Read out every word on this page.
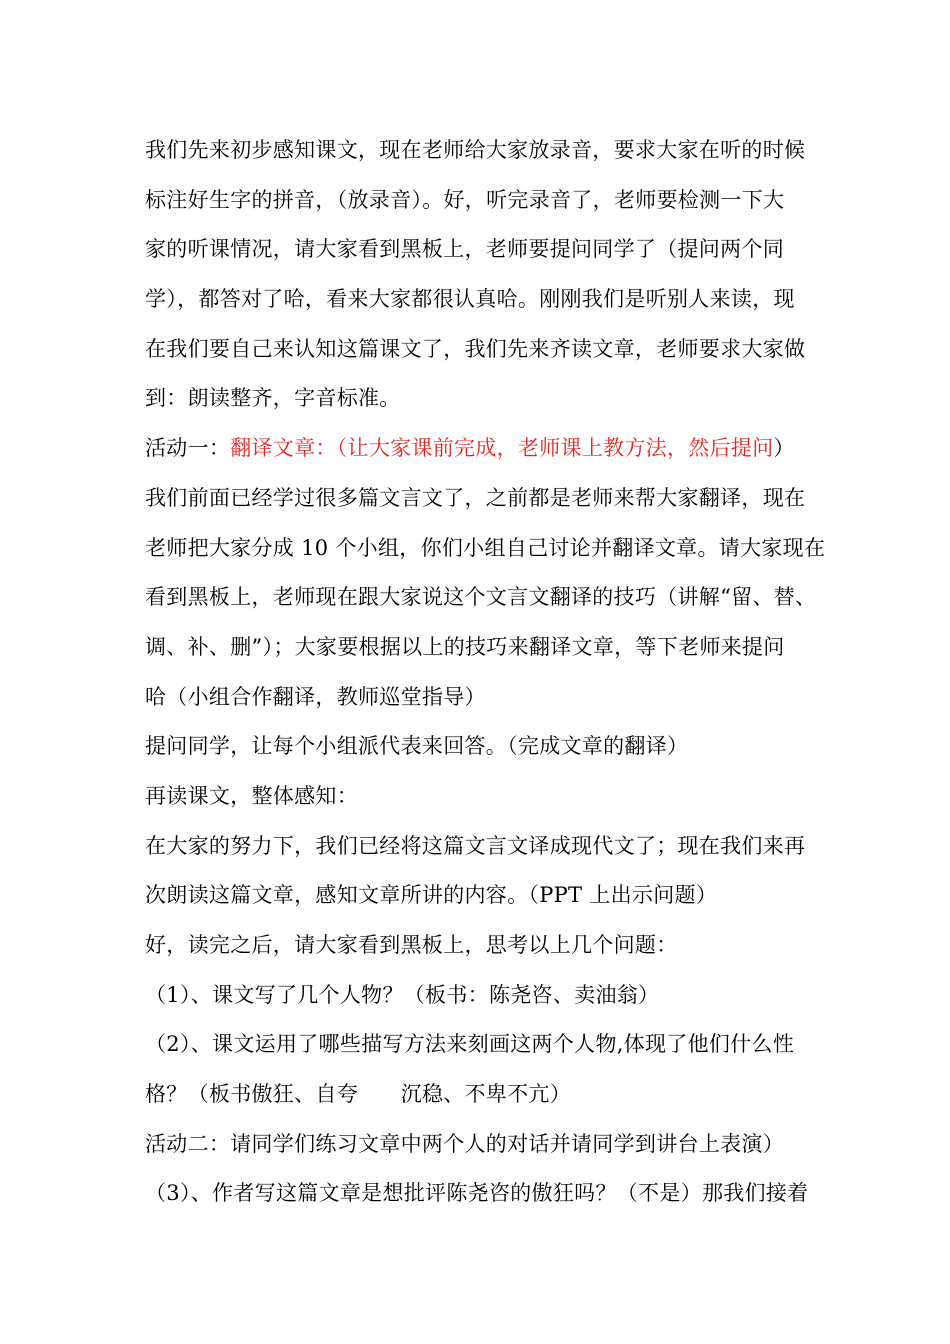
我们先来初步感知课文，现在老师给大家放录音，要求大家在听的时候
标注好生字的拼音，（放录音）。好，听完录音了，老师要检测一下大
家的听课情况，请大家看到黑板上，老师要提问同学了（提问两个同
学），都答对了哈，看来大家都很认真哈。刚刚我们是听别人来读，现
在我们要自己来认知这篇课文了，我们先来齐读文章，老师要求大家做
到：朗读整齐，字音标准。
活动一：翻译文章：（让大家课前完成，老师课上教方法，然后提问）
我们前面已经学过很多篇文言文了，之前都是老师来帮大家翻译，现在
老师把大家分成 10 个小组，你们小组自己讨论并翻译文章。请大家现在
看到黑板上，老师现在跟大家说这个文言文翻译的技巧（讲解“留、替、
调、补、删”）；大家要根据以上的技巧来翻译文章，等下老师来提问
哈（小组合作翻译，教师巡堂指导）
提问同学，让每个小组派代表来回答。（完成文章的翻译）
再读课文，整体感知：
在大家的努力下，我们已经将这篇文言文译成现代文了；现在我们来再
次朗读这篇文章，感知文章所讲的内容。（PPT 上出示问题）
好，读完之后，请大家看到黑板上，思考以上几个问题：
（1）、课文写了几个人物？（板书：陈尧咨、卖油翁）
（2）、课文运用了哪些描写方法来刻画这两个人物,体现了他们什么性
格？（板书傲狂、自夸　　沉稳、不卑不亢）
活动二：请同学们练习文章中两个人的对话并请同学到讲台上表演）
（3）、作者写这篇文章是想批评陈尧咨的傲狂吗？（不是）那我们接着
